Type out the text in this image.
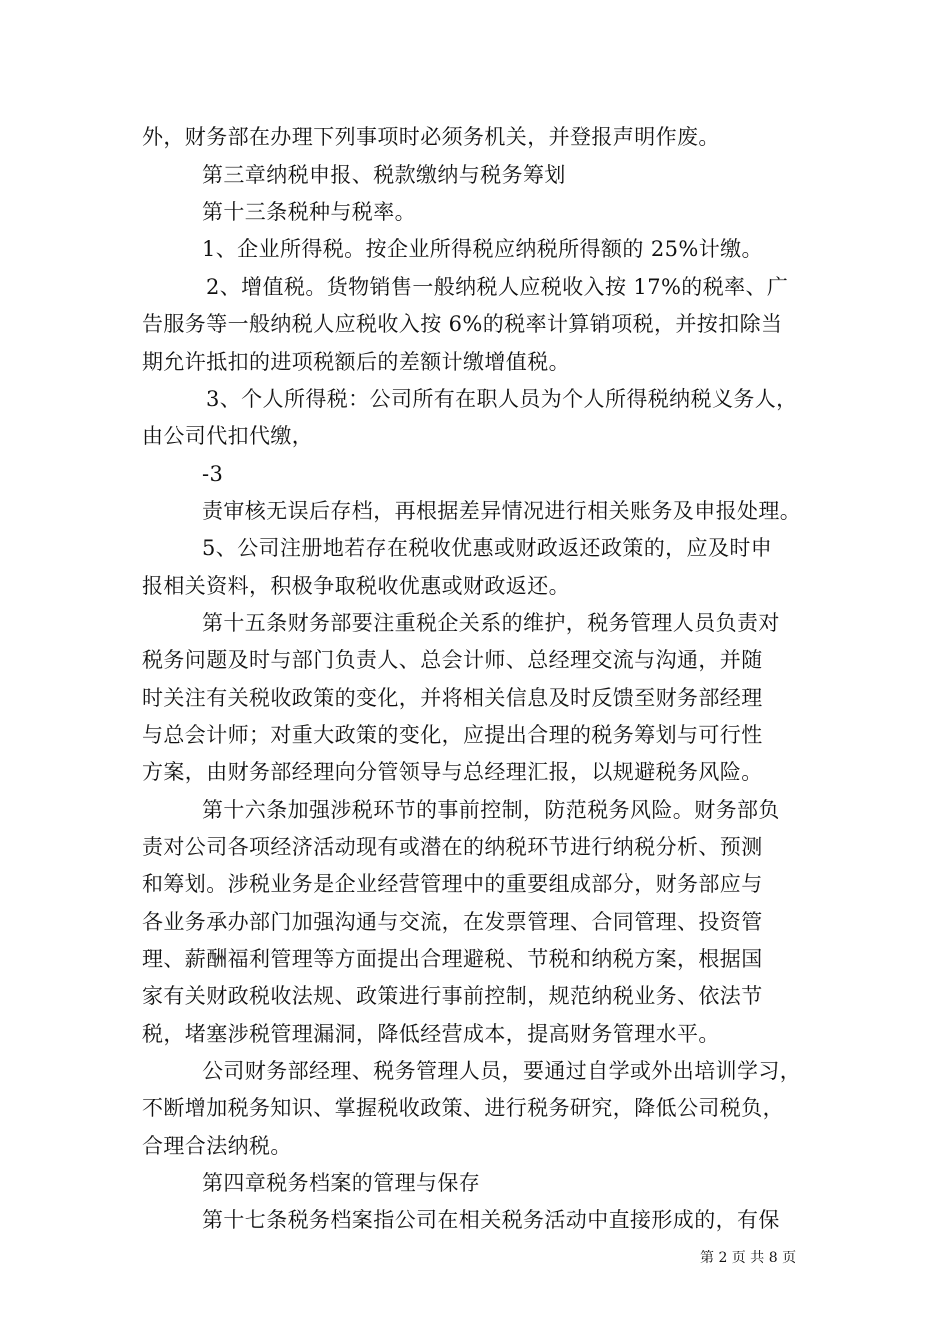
外，财务部在办理下列事项时必须务机关，并登报声明作废。
第三章纳税申报、税款缴纳与税务筹划
第十三条税种与税率。
1、企业所得税。按企业所得税应纳税所得额的 25%计缴。
2、增值税。货物销售一般纳税人应税收入按 17%的税率、广
告服务等一般纳税人应税收入按 6%的税率计算销项税，并按扣除当
期允许抵扣的进项税额后的差额计缴增值税。
3、个人所得税：公司所有在职人员为个人所得税纳税义务人，
由公司代扣代缴，
-3
责审核无误后存档，再根据差异情况进行相关账务及申报处理。
5、公司注册地若存在税收优惠或财政返还政策的，应及时申
报相关资料，积极争取税收优惠或财政返还。
第十五条财务部要注重税企关系的维护，税务管理人员负责对
税务问题及时与部门负责人、总会计师、总经理交流与沟通，并随
时关注有关税收政策的变化，并将相关信息及时反馈至财务部经理
与总会计师；对重大政策的变化，应提出合理的税务筹划与可行性
方案，由财务部经理向分管领导与总经理汇报，以规避税务风险。
第十六条加强涉税环节的事前控制，防范税务风险。财务部负
责对公司各项经济活动现有或潜在的纳税环节进行纳税分析、预测
和筹划。涉税业务是企业经营管理中的重要组成部分，财务部应与
各业务承办部门加强沟通与交流，在发票管理、合同管理、投资管
理、薪酬福利管理等方面提出合理避税、节税和纳税方案，根据国
家有关财政税收法规、政策进行事前控制，规范纳税业务、依法节
税，堵塞涉税管理漏洞，降低经营成本，提高财务管理水平。
公司财务部经理、税务管理人员，要通过自学或外出培训学习，
不断增加税务知识、掌握税收政策、进行税务研究，降低公司税负，
合理合法纳税。
第四章税务档案的管理与保存
第十七条税务档案指公司在相关税务活动中直接形成的，有保
第 2 页 共 8 页
